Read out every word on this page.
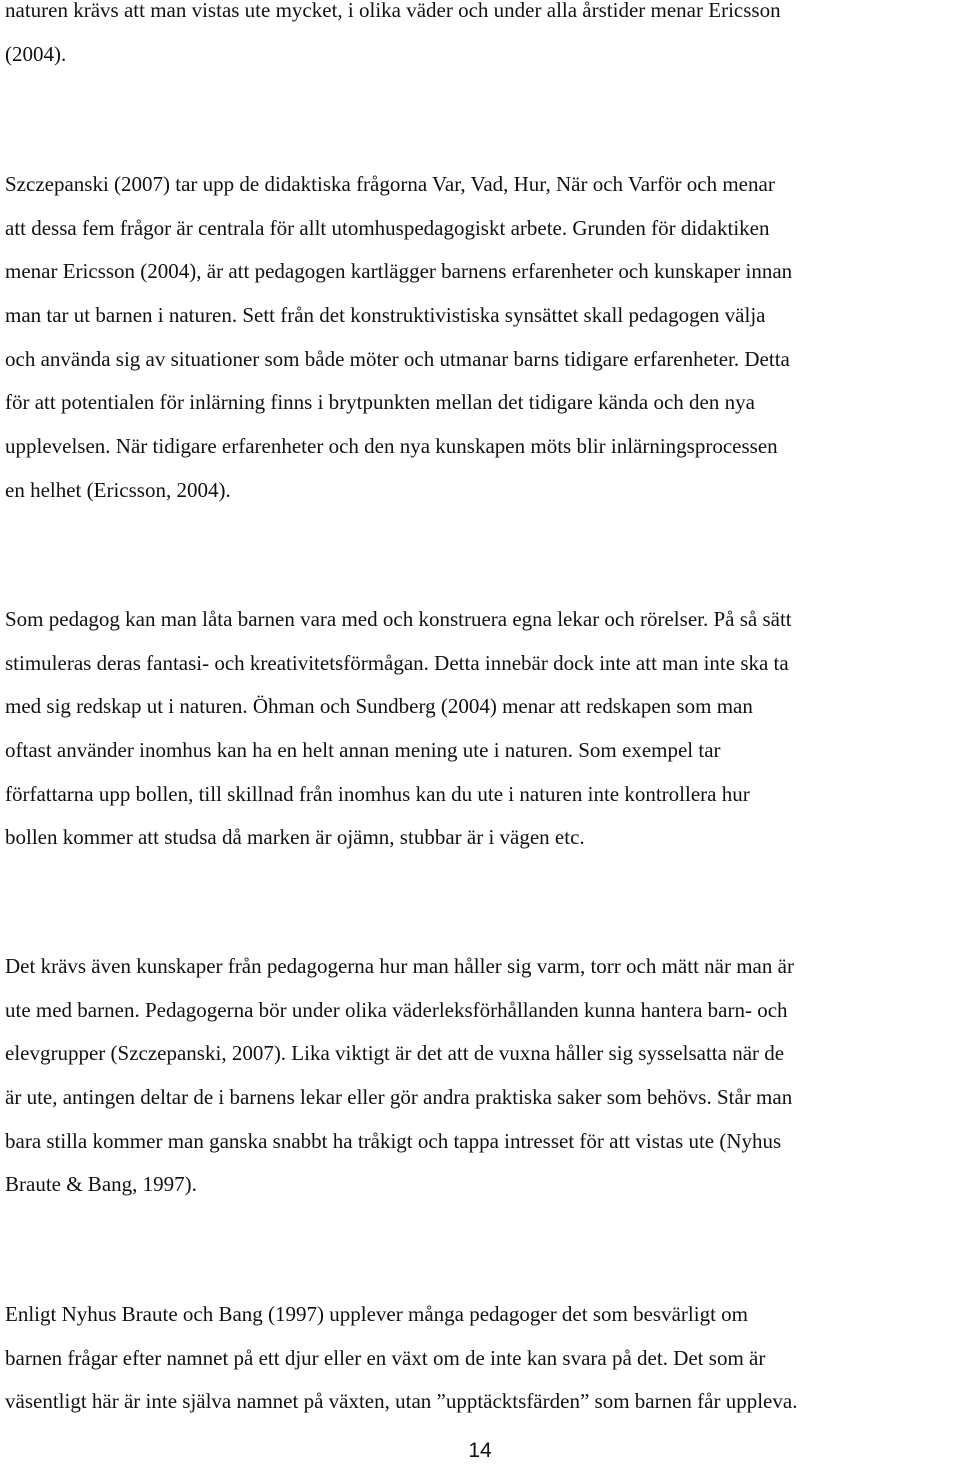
naturen krävs att man vistas ute mycket, i olika väder och under alla årstider menar Ericsson
(2004).
Szczepanski (2007) tar upp de didaktiska frågorna Var, Vad, Hur, När och Varför och menar
att dessa fem frågor är centrala för allt utomhuspedagogiskt arbete. Grunden för didaktiken
menar Ericsson (2004), är att pedagogen kartlägger barnens erfarenheter och kunskaper innan
man tar ut barnen i naturen. Sett från det konstruktivistiska synsättet skall pedagogen välja
och använda sig av situationer som både möter och utmanar barns tidigare erfarenheter. Detta
för att potentialen för inlärning finns i brytpunkten mellan det tidigare kända och den nya
upplevelsen. När tidigare erfarenheter och den nya kunskapen möts blir inlärningsprocessen
en helhet (Ericsson, 2004).
Som pedagog kan man låta barnen vara med och konstruera egna lekar och rörelser. På så sätt
stimuleras deras fantasi- och kreativitetsförmågan. Detta innebär dock inte att man inte ska ta
med sig redskap ut i naturen. Öhman och Sundberg (2004) menar att redskapen som man
oftast använder inomhus kan ha en helt annan mening ute i naturen. Som exempel tar
författarna upp bollen, till skillnad från inomhus kan du ute i naturen inte kontrollera hur
bollen kommer att studsa då marken är ojämn, stubbar är i vägen etc.
Det krävs även kunskaper från pedagogerna hur man håller sig varm, torr och mätt när man är
ute med barnen. Pedagogerna bör under olika väderleksförhållanden kunna hantera barn- och
elevgrupper (Szczepanski, 2007). Lika viktigt är det att de vuxna håller sig sysselsatta när de
är ute, antingen deltar de i barnens lekar eller gör andra praktiska saker som behövs. Står man
bara stilla kommer man ganska snabbt ha tråkigt och tappa intresset för att vistas ute (Nyhus
Braute & Bang, 1997).
Enligt Nyhus Braute och Bang (1997) upplever många pedagoger det som besvärligt om
barnen frågar efter namnet på ett djur eller en växt om de inte kan svara på det. Det som är
väsentligt här är inte själva namnet på växten, utan ”upptäcktsfärden” som barnen får uppleva.
14
